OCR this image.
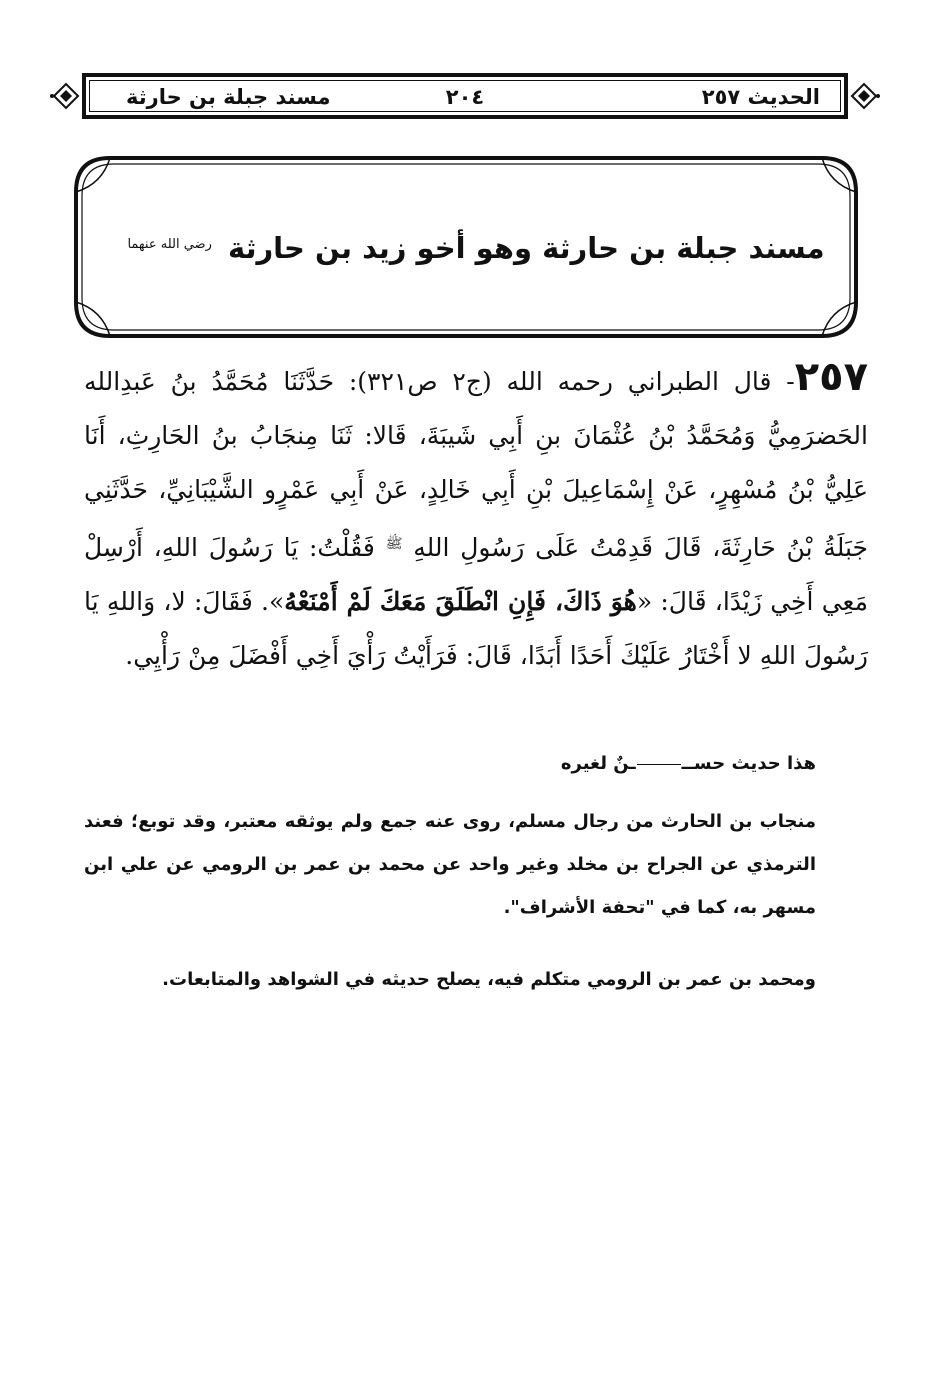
الحديث ٢٥٧
٢٠٤
مسند جبلة بن حارثة
مسند جبلة بن حارثة وهو أخو زيد بن حارثة $^{رضي الله عنهما}$

٢٥٧- قال الطبراني رحمه الله (ج٢ ص٣٢١): حَدَّثَنَا مُحَمَّدُ بنُ عَبدِالله الحَضرَمِيُّ وَمُحَمَّدُ بْنُ عُثْمَانَ بنِ أَبِي شَيبَةَ، قَالا: ثَنَا مِنجَابُ بنُ الحَارِثِ، أَنَا عَلِيُّ بْنُ مُسْهِرٍ، عَنْ إِسْمَاعِيلَ بْنِ أَبِي خَالِدٍ، عَنْ أَبِي عَمْرٍو الشَّيْبَانِيِّ، حَدَّثَنِي جَبَلَةُ بْنُ حَارِثَةَ، قَالَ قَدِمْتُ عَلَى رَسُولِ اللهِ $^ﷺ$ فَقُلْتُ: يَا رَسُولَ اللهِ، أَرْسِلْ مَعِي أَخِي زَيْدًا، قَالَ: «هُوَ ذَاكَ، فَإِنِ انْطَلَقَ مَعَكَ لَمْ أَمْنَعْهُ». فَقَالَ: لا، وَاللهِ يَا رَسُولَ اللهِ لا أَخْتَارُ عَلَيْكَ أَحَدًا أَبَدًا، قَالَ: فَرَأَيْتُ رَأْيَ أَخِي أَفْضَلَ مِنْ رَأْيِي.

هذا حديث حســـنٌ لغيره

منجاب بن الحارث من رجال مسلم، روى عنه جمع ولم يوثقه معتبر، وقد توبع؛ فعند الترمذي عن الجراح بن مخلد وغير واحد عن محمد بن عمر بن الرومي عن علي ابن مسهر به، كما في "تحفة الأشراف".

ومحمد بن عمر بن الرومي متكلم فيه، يصلح حديثه في الشواهد والمتابعات.
